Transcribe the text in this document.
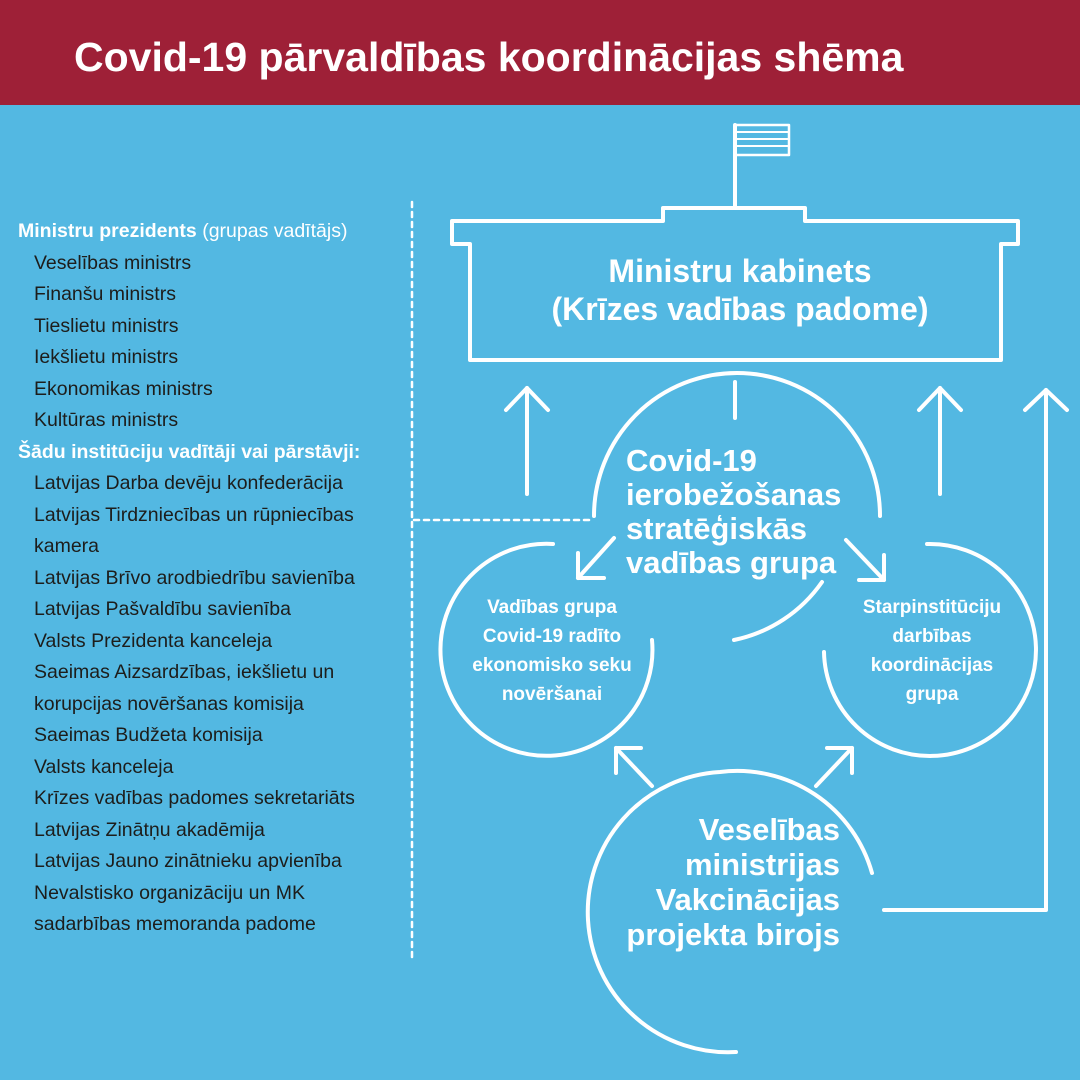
Covid-19 pārvaldības koordinācijas shēma
Ministru prezidents (grupas vadītājs)
Veselības ministrs
Finanšu ministrs
Tieslietu ministrs
Iekšlietu ministrs
Ekonomikas ministrs
Kultūras ministrs
Šādu institūciju vadītāji vai pārstāvji:
Latvijas Darba devēju konfederācija
Latvijas Tirdzniecības un rūpniecības
kamera
Latvijas Brīvo arodbiedrību savienība
Latvijas Pašvaldību savienība
Valsts Prezidenta kanceleja
Saeimas Aizsardzības, iekšlietu un
korupcijas novēršanas komisija
Saeimas Budžeta komisija
Valsts kanceleja
Krīzes vadības padomes sekretariāts
Latvijas Zinātņu akadēmija
Latvijas Jauno zinātnieku apvienība
Nevalstisko organizāciju un MK
sadarbības memoranda padome
Ministru kabinets
(Krīzes vadības padome)
Covid-19
ierobežošanas
stratēģiskās
vadības grupa
Vadības grupa
Covid-19 radīto
ekonomisko seku
novēršanai
Starpinstitūciju
darbības
koordinācijas
grupa
Veselības
ministrijas
Vakcinācijas
projekta birojs
